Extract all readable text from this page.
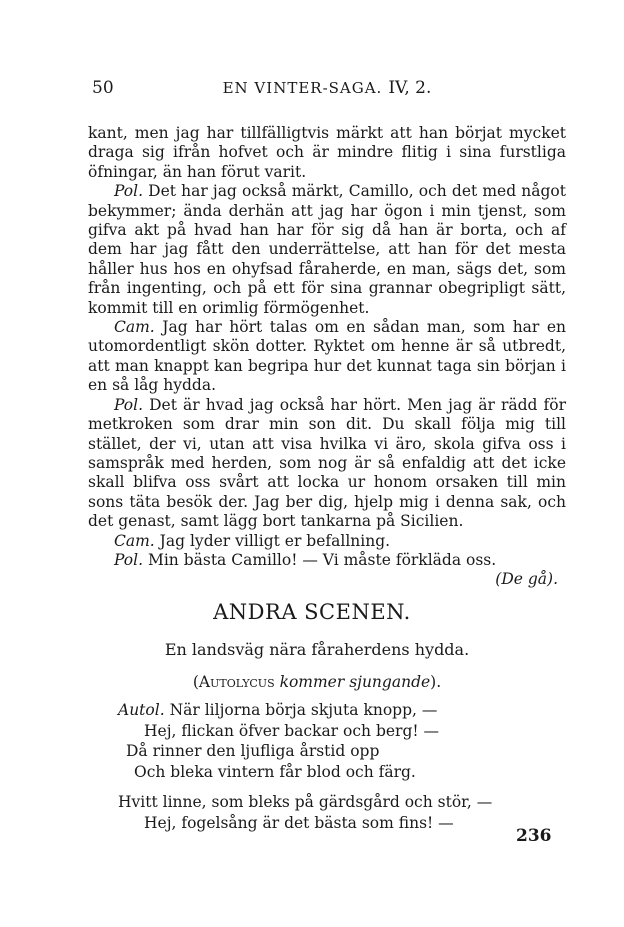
50	EN VINTER-SAGA. IV, 2.

kant, men jag har tillfälligtvis märkt att han börjat mycket draga sig ifrån hofvet och är mindre flitig i sina furstliga öfningar, än han förut varit.

Pol. Det har jag också märkt, Camillo, och det med något bekymmer; ända derhän att jag har ögon i min tjenst, som gifva akt på hvad han har för sig då han är borta, och af dem har jag fått den underrättelse, att han för det mesta håller hus hos en ohyfsad fåraherde, en man, sägs det, som från ingenting, och på ett för sina grannar obegripligt sätt, kommit till en orimlig förmögenhet.

Cam. Jag har hört talas om en sådan man, som har en utomordentligt skön dotter. Ryktet om henne är så utbredt, att man knappt kan begripa hur det kunnat taga sin början i en så låg hydda.

Pol. Det är hvad jag också har hört. Men jag är rädd för metkroken som drar min son dit. Du skall följa mig till stället, der vi, utan att visa hvilka vi äro, skola gifva oss i samspråk med herden, som nog är så enfaldig att det icke skall blifva oss svårt att locka ur honom orsaken till min sons täta besök der. Jag ber dig, hjelp mig i denna sak, och det genast, samt lägg bort tankarna på Sicilien.

Cam. Jag lyder villigt er befallning.

Pol. Min bästa Camillo! — Vi måste förkläda oss.

(De gå).
ANDRA SCENEN.
En landsväg nära fåraherdens hydda.
(Autolycus kommer sjungande).
Autol. När liljorna börja skjuta knopp, —
Hej, flickan öfver backar och berg! —
Då rinner den ljufliga årstid opp
Och bleka vintern får blod och färg.
Hvitt linne, som bleks på gärdsgård och stör, —
Hej, fogelsång är det bästa som fins! —
236
